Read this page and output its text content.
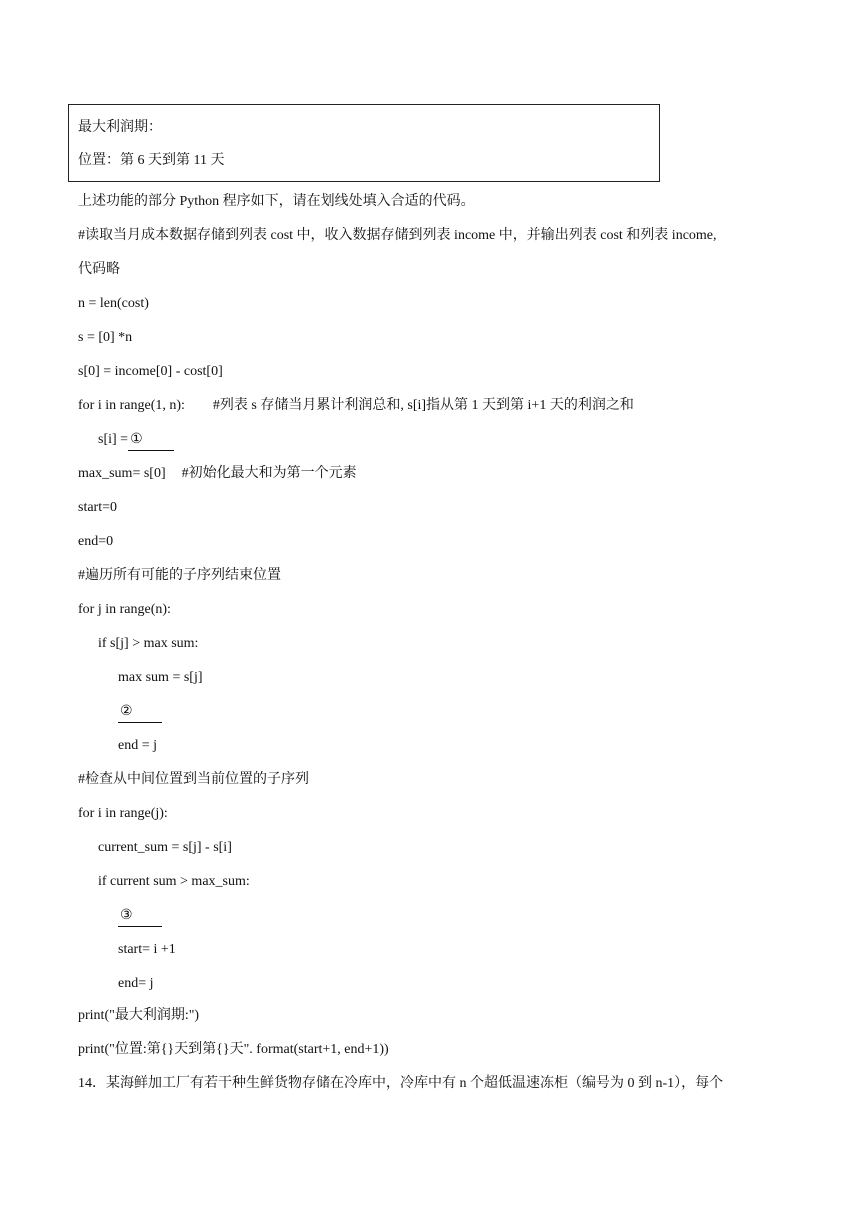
最大利润期：
位置：第 6 天到第 11 天
上述功能的部分 Python 程序如下，请在划线处填入合适的代码。
#读取当月成本数据存储到列表 cost 中，收入数据存储到列表 income 中，并输出列表 cost 和列表 income,
代码略
n = len(cost)
s = [0] *n
s[0] = income[0] - cost[0]
for i in range(1, n): #列表 s 存储当月累计利润总和, s[i]指从第 1 天到第 i+1 天的利润之和
s[i] = ①
max_sum= s[0] #初始化最大和为第一个元素
start=0
end=0
#遍历所有可能的子序列结束位置
for j in range(n):
if s[j] > max sum:
max sum = s[j]
②
end = j
#检查从中间位置到当前位置的子序列
for i in range(j):
current_sum = s[j] - s[i]
if current sum > max_sum:
③
start= i +1
end= j
print("最大利润期:")
print("位置:第{}天到第{}天". format(start+1, end+1))
14．某海鲜加工厂有若干种生鲜货物存储在冷库中，冷库中有 n 个超低温速冻柜（编号为 0 到 n-1），每个
